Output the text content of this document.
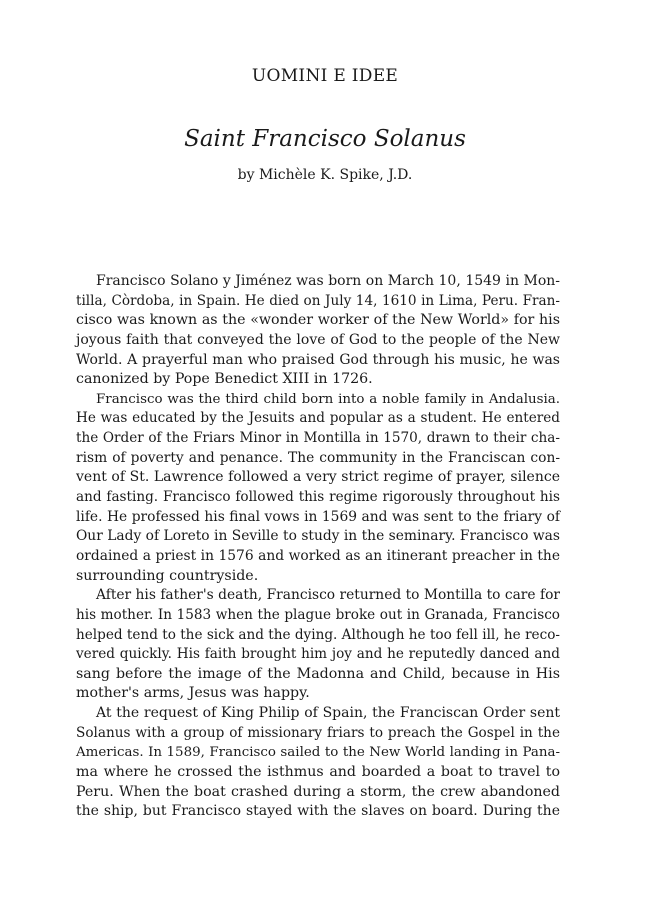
UOMINI E IDEE
Saint Francisco Solanus
by Michèle K. Spike, J.D.
Francisco Solano y Jiménez was born on March 10, 1549 in Mon-
tilla, Còrdoba, in Spain. He died on July 14, 1610 in Lima, Peru. Fran-
cisco was known as the «wonder worker of the New World» for his
joyous faith that conveyed the love of God to the people of the New
World. A prayerful man who praised God through his music, he was
canonized by Pope Benedict XIII in 1726.
Francisco was the third child born into a noble family in Andalusia.
He was educated by the Jesuits and popular as a student. He entered
the Order of the Friars Minor in Montilla in 1570, drawn to their cha-
rism of poverty and penance. The community in the Franciscan con-
vent of St. Lawrence followed a very strict regime of prayer, silence
and fasting. Francisco followed this regime rigorously throughout his
life. He professed his final vows in 1569 and was sent to the friary of
Our Lady of Loreto in Seville to study in the seminary. Francisco was
ordained a priest in 1576 and worked as an itinerant preacher in the
surrounding countryside.
After his father's death, Francisco returned to Montilla to care for
his mother. In 1583 when the plague broke out in Granada, Francisco
helped tend to the sick and the dying. Although he too fell ill, he reco-
vered quickly. His faith brought him joy and he reputedly danced and
sang before the image of the Madonna and Child, because in His
mother's arms, Jesus was happy.
At the request of King Philip of Spain, the Franciscan Order sent
Solanus with a group of missionary friars to preach the Gospel in the
Americas. In 1589, Francisco sailed to the New World landing in Pana-
ma where he crossed the isthmus and boarded a boat to travel to
Peru. When the boat crashed during a storm, the crew abandoned
the ship, but Francisco stayed with the slaves on board. During the
